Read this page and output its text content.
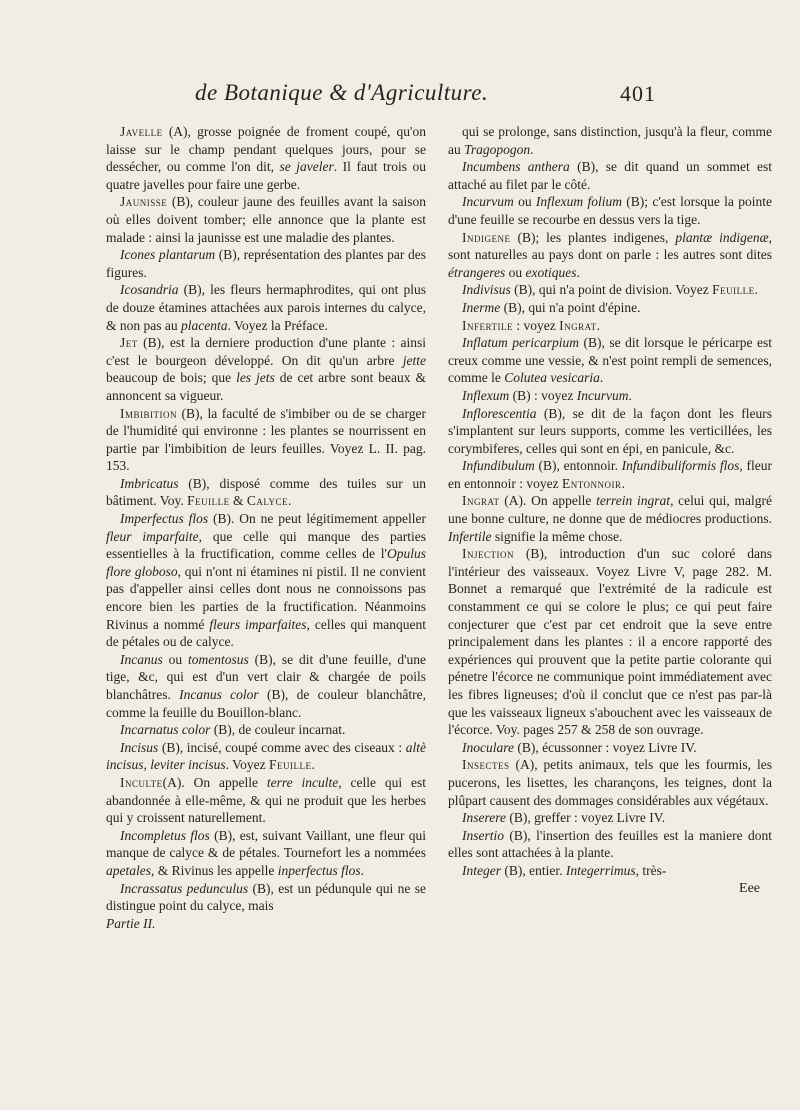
de Botanique & d'Agriculture.	401

Javelle (A), grosse poignée de froment coupé, qu'on laisse sur le champ pendant quelques jours, pour se dessécher, ou comme l'on dit, se javeler. Il faut trois ou quatre javelles pour faire une gerbe.

Jaunisse (B), couleur jaune des feuilles avant la saison où elles doivent tomber; elle annonce que la plante est malade : ainsi la jaunisse est une maladie des plantes.

Icones plantarum (B), représentation des plantes par des figures.

Icosandria (B), les fleurs hermaphrodites, qui ont plus de douze étamines attachées aux parois internes du calyce, & non pas au placenta. Voyez la Préface.

Jet (B), est la derniere production d'une plante : ainsi c'est le bourgeon développé. On dit qu'un arbre jette beaucoup de bois; que les jets de cet arbre sont beaux & annoncent sa vigueur.

Imbibition (B), la faculté de s'imbiber ou de se charger de l'humidité qui environne : les plantes se nourrissent en partie par l'imbibition de leurs feuilles. Voyez L. II. pag. 153.

Imbricatus (B), disposé comme des tuiles sur un bâtiment. Voy. Feuille & Calyce.

Imperfectus flos (B). On ne peut légitimement appeller fleur imparfaite, que celle qui manque des parties essentielles à la fructification, comme celles de l'Opulus flore globoso, qui n'ont ni étamines ni pistil. Il ne convient pas d'appeller ainsi celles dont nous ne connoissons pas encore bien les parties de la fructification. Néanmoins Rivinus a nommé fleurs imparfaites, celles qui manquent de pétales ou de calyce.

Incanus ou tomentosus (B), se dit d'une feuille, d'une tige, &c, qui est d'un vert clair & chargée de poils blanchâtres. Incanus color (B), de couleur blanchâtre, comme la feuille du Bouillon-blanc.

Incarnatus color (B), de couleur incarnat.

Incisus (B), incisé, coupé comme avec des ciseaux : altè incisus, leviter incisus. Voyez Feuille.

Inculte(A). On appelle terre inculte, celle qui est abandonnée à elle-même, & qui ne produit que les herbes qui y croissent naturellement.

Incompletus flos (B), est, suivant Vaillant, une fleur qui manque de calyce & de pétales. Tournefort les a nommées apetales, & Rivinus les appelle inperfectus flos.

Incrassatus pedunculus (B), est un pédunqule qui ne se distingue point du calyce, mais

Partie II.

qui se prolonge, sans distinction, jusqu'à la fleur, comme au Tragopogon.

Incumbens anthera (B), se dit quand un sommet est attaché au filet par le côté.

Incurvum ou Inflexum folium (B); c'est lorsque la pointe d'une feuille se recourbe en dessus vers la tige.

Indigene (B); les plantes indigenes, plantæ indigenæ, sont naturelles au pays dont on parle : les autres sont dites étrangeres ou exotiques.

Indivisus (B), qui n'a point de division. Voyez Feuille.

Inerme (B), qui n'a point d'épine.

Infertile : voyez Ingrat.

Inflatum pericarpium (B), se dit lorsque le péricarpe est creux comme une vessie, & n'est point rempli de semences, comme le Colutea vesicaria.

Inflexum (B) : voyez Incurvum.

Inflorescentia (B), se dit de la façon dont les fleurs s'implantent sur leurs supports, comme les verticillées, les corymbiferes, celles qui sont en épi, en panicule, &c.

Infundibulum (B), entonnoir. Infundibuliformis flos, fleur en entonnoir : voyez Entonnoir.

Ingrat (A). On appelle terrein ingrat, celui qui, malgré une bonne culture, ne donne que de médiocres productions. Infertile signifie la même chose.

Injection (B), introduction d'un suc coloré dans l'intérieur des vaisseaux. Voyez Livre V, page 282. M. Bonnet a remarqué que l'extrémité de la radicule est constamment ce qui se colore le plus; ce qui peut faire conjecturer que c'est par cet endroit que la seve entre principalement dans les plantes : il a encore rapporté des expériences qui prouvent que la petite partie colorante qui pénetre l'écorce ne communique point immédiatement avec les fibres ligneuses; d'où il conclut que ce n'est pas par-là que les vaisseaux ligneux s'abouchent avec les vaisseaux de l'écorce. Voy. pages 257 & 258 de son ouvrage.

Inoculare (B), écussonner : voyez Livre IV.

Insectes (A), petits animaux, tels que les fourmis, les pucerons, les lisettes, les charançons, les teignes, dont la plûpart causent des dommages considérables aux végétaux.

Inserere (B), greffer : voyez Livre IV.

Insertio (B), l'insertion des feuilles est la maniere dont elles sont attachées à la plante.

Integer (B), entier. Integerrimus, très-

Eee
